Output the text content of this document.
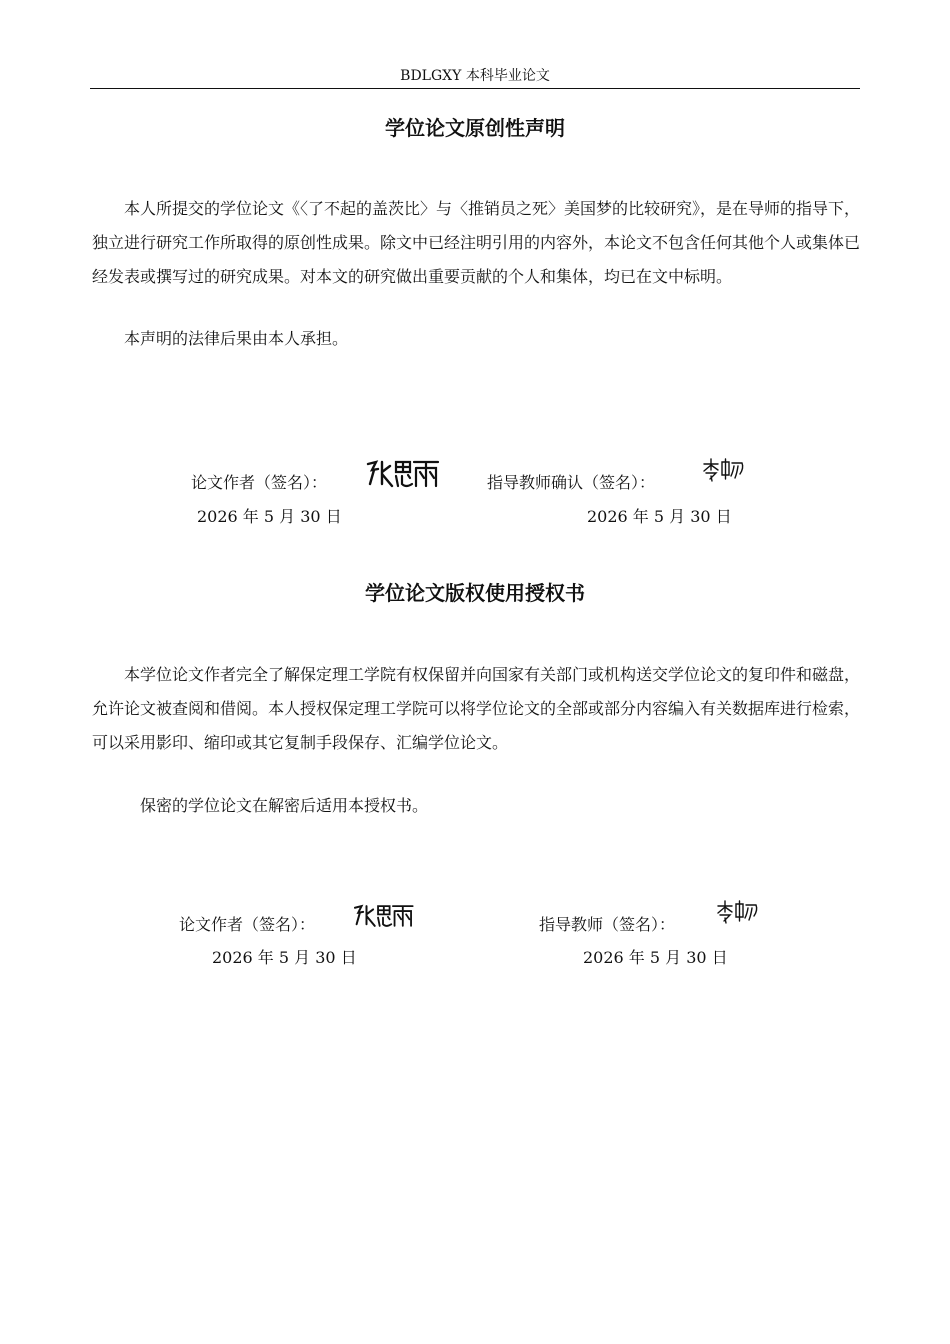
BDLGXY 本科毕业论文
学位论文原创性声明

本人所提交的学位论文《〈了不起的盖茨比〉与〈推销员之死〉美国梦的比较研究》，是在导师的指导下，独立进行研究工作所取得的原创性成果。除文中已经注明引用的内容外，本论文不包含任何其他个人或集体已经发表或撰写过的研究成果。对本文的研究做出重要贡献的个人和集体，均已在文中标明。

本声明的法律后果由本人承担。

论文作者（签名）：	指导教师确认（签名）：
2026 年 5 月 30 日	2026 年 5 月 30 日
学位论文版权使用授权书

本学位论文作者完全了解保定理工学院有权保留并向国家有关部门或机构送交学位论文的复印件和磁盘，允许论文被查阅和借阅。本人授权保定理工学院可以将学位论文的全部或部分内容编入有关数据库进行检索，可以采用影印、缩印或其它复制手段保存、汇编学位论文。

保密的学位论文在解密后适用本授权书。

论文作者（签名）：	指导教师（签名）：
2026 年 5 月 30 日	2026 年 5 月 30 日
